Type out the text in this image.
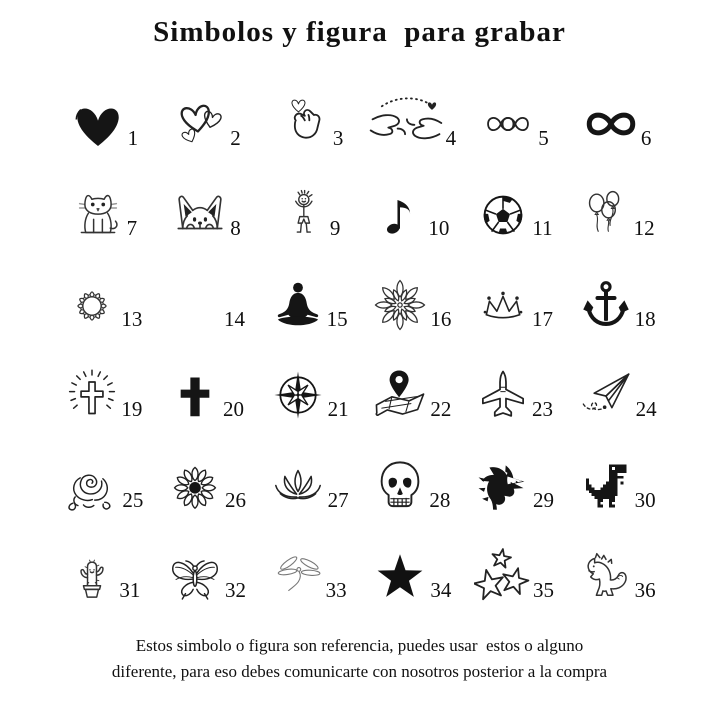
Simbolos y figura  para grabar
1	2	3	4	5	6
7	8	9	10	11	12
13	14	15	16	17	18
19	20	21	22	23	24
25	26	27	28	29	30
31	32	33	34	35	36

Estos simbolo o figura son referencia, puedes usar  estos o alguno
diferente, para eso debes comunicarte con nosotros posterior a la compra
